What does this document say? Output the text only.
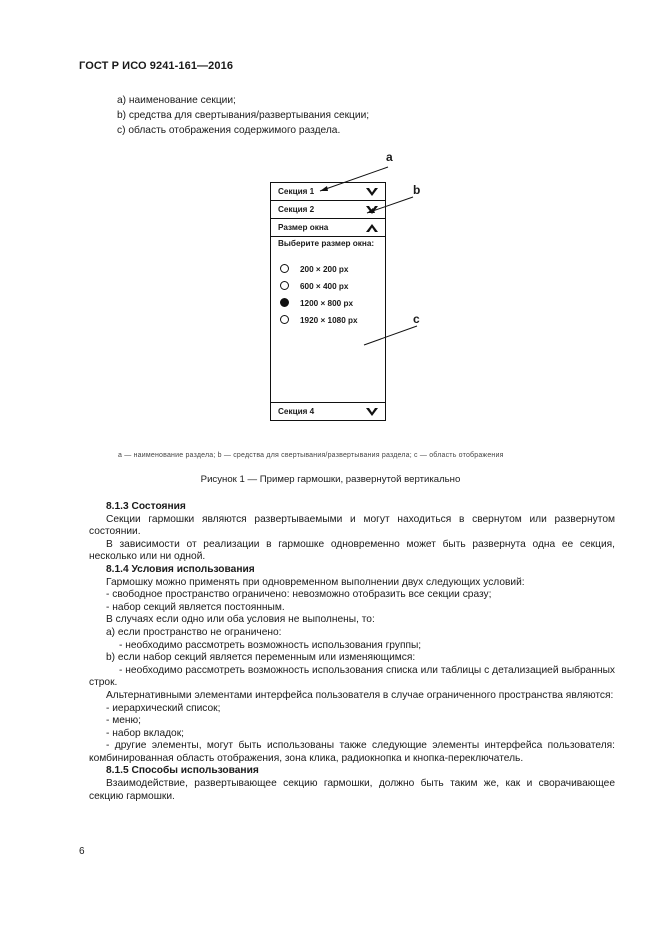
ГОСТ Р ИСО 9241-161—2016
a) наименование секции;
b) средства для свертывания/развертывания секции;
c) область отображения содержимого раздела.
Секция 1
Секция 2
Размер окна
Выберите размер окна:
200 × 200 px
600 × 400 px
1200 × 800 px
1920 × 1080 px
Секция 4
a
b
c
a — наименование раздела; b — средства для свертывания/развертывания раздела; c — область отображения
Рисунок 1 — Пример гармошки, развернутой вертикально

8.1.3 Состояния

Секции гармошки являются развертываемыми и могут находиться в свернутом или развернутом состоянии.

В зависимости от реализации в гармошке одновременно может быть развернута одна ее секция, несколько или ни одной.

8.1.4 Условия использования

Гармошку можно применять при одновременном выполнении двух следующих условий:

- свободное пространство ограничено: невозможно отобразить все секции сразу;

- набор секций является постоянным.

В случаях если одно или оба условия не выполнены, то:

a) если пространство не ограничено:

- необходимо рассмотреть возможность использования группы;

b) если набор секций является переменным или изменяющимся:

- необходимо рассмотреть возможность использования списка или таблицы с детализацией выбранных строк.

Альтернативными элементами интерфейса пользователя в случае ограниченного пространства являются:

- иерархический список;

- меню;

- набор вкладок;

- другие элементы, могут быть использованы также следующие элементы интерфейса пользователя: комбинированная область отображения, зона клика, радиокнопка и кнопка-переключатель.

8.1.5 Способы использования

Взаимодействие, развертывающее секцию гармошки, должно быть таким же, как и сворачивающее секцию гармошки.

6
